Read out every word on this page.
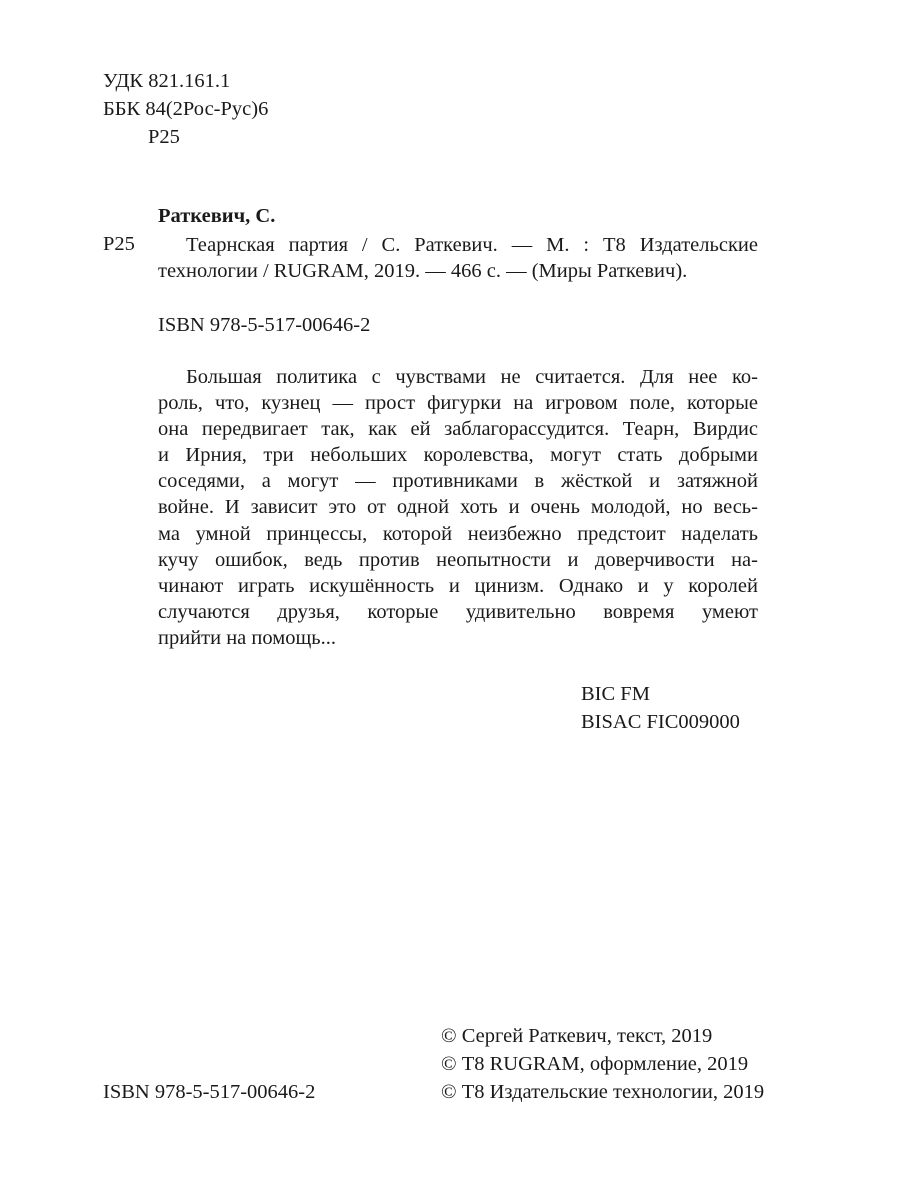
УДК 821.161.1
ББК 84(2Рос-Рус)6
Р25
Раткевич, С.
Р25	Теарнская партия / С. Раткевич. — М. : Т8 Издательские
технологии / RUGRAM, 2019. — 466 с. — (Миры Раткевич).
ISBN 978-5-517-00646-2
Большая политика с чувствами не считается. Для нее ко-
роль, что, кузнец — прост фигурки на игровом поле, которые
она передвигает так, как ей заблагорассудится. Теарн, Вирдис
и Ирния, три небольших королевства, могут стать добрыми
соседями, а могут — противниками в жёсткой и затяжной
войне. И зависит это от одной хоть и очень молодой, но весь-
ма умной принцессы, которой неизбежно предстоит наделать
кучу ошибок, ведь против неопытности и доверчивости на-
чинают играть искушённость и цинизм. Однако и у королей
случаются друзья, которые удивительно вовремя умеют
прийти на помощь...
BIC FM
BISAC FIC009000
© Сергей Раткевич, текст, 2019
© Т8 RUGRAM, оформление, 2019
ISBN 978-5-517-00646-2	© Т8 Издательские технологии, 2019
